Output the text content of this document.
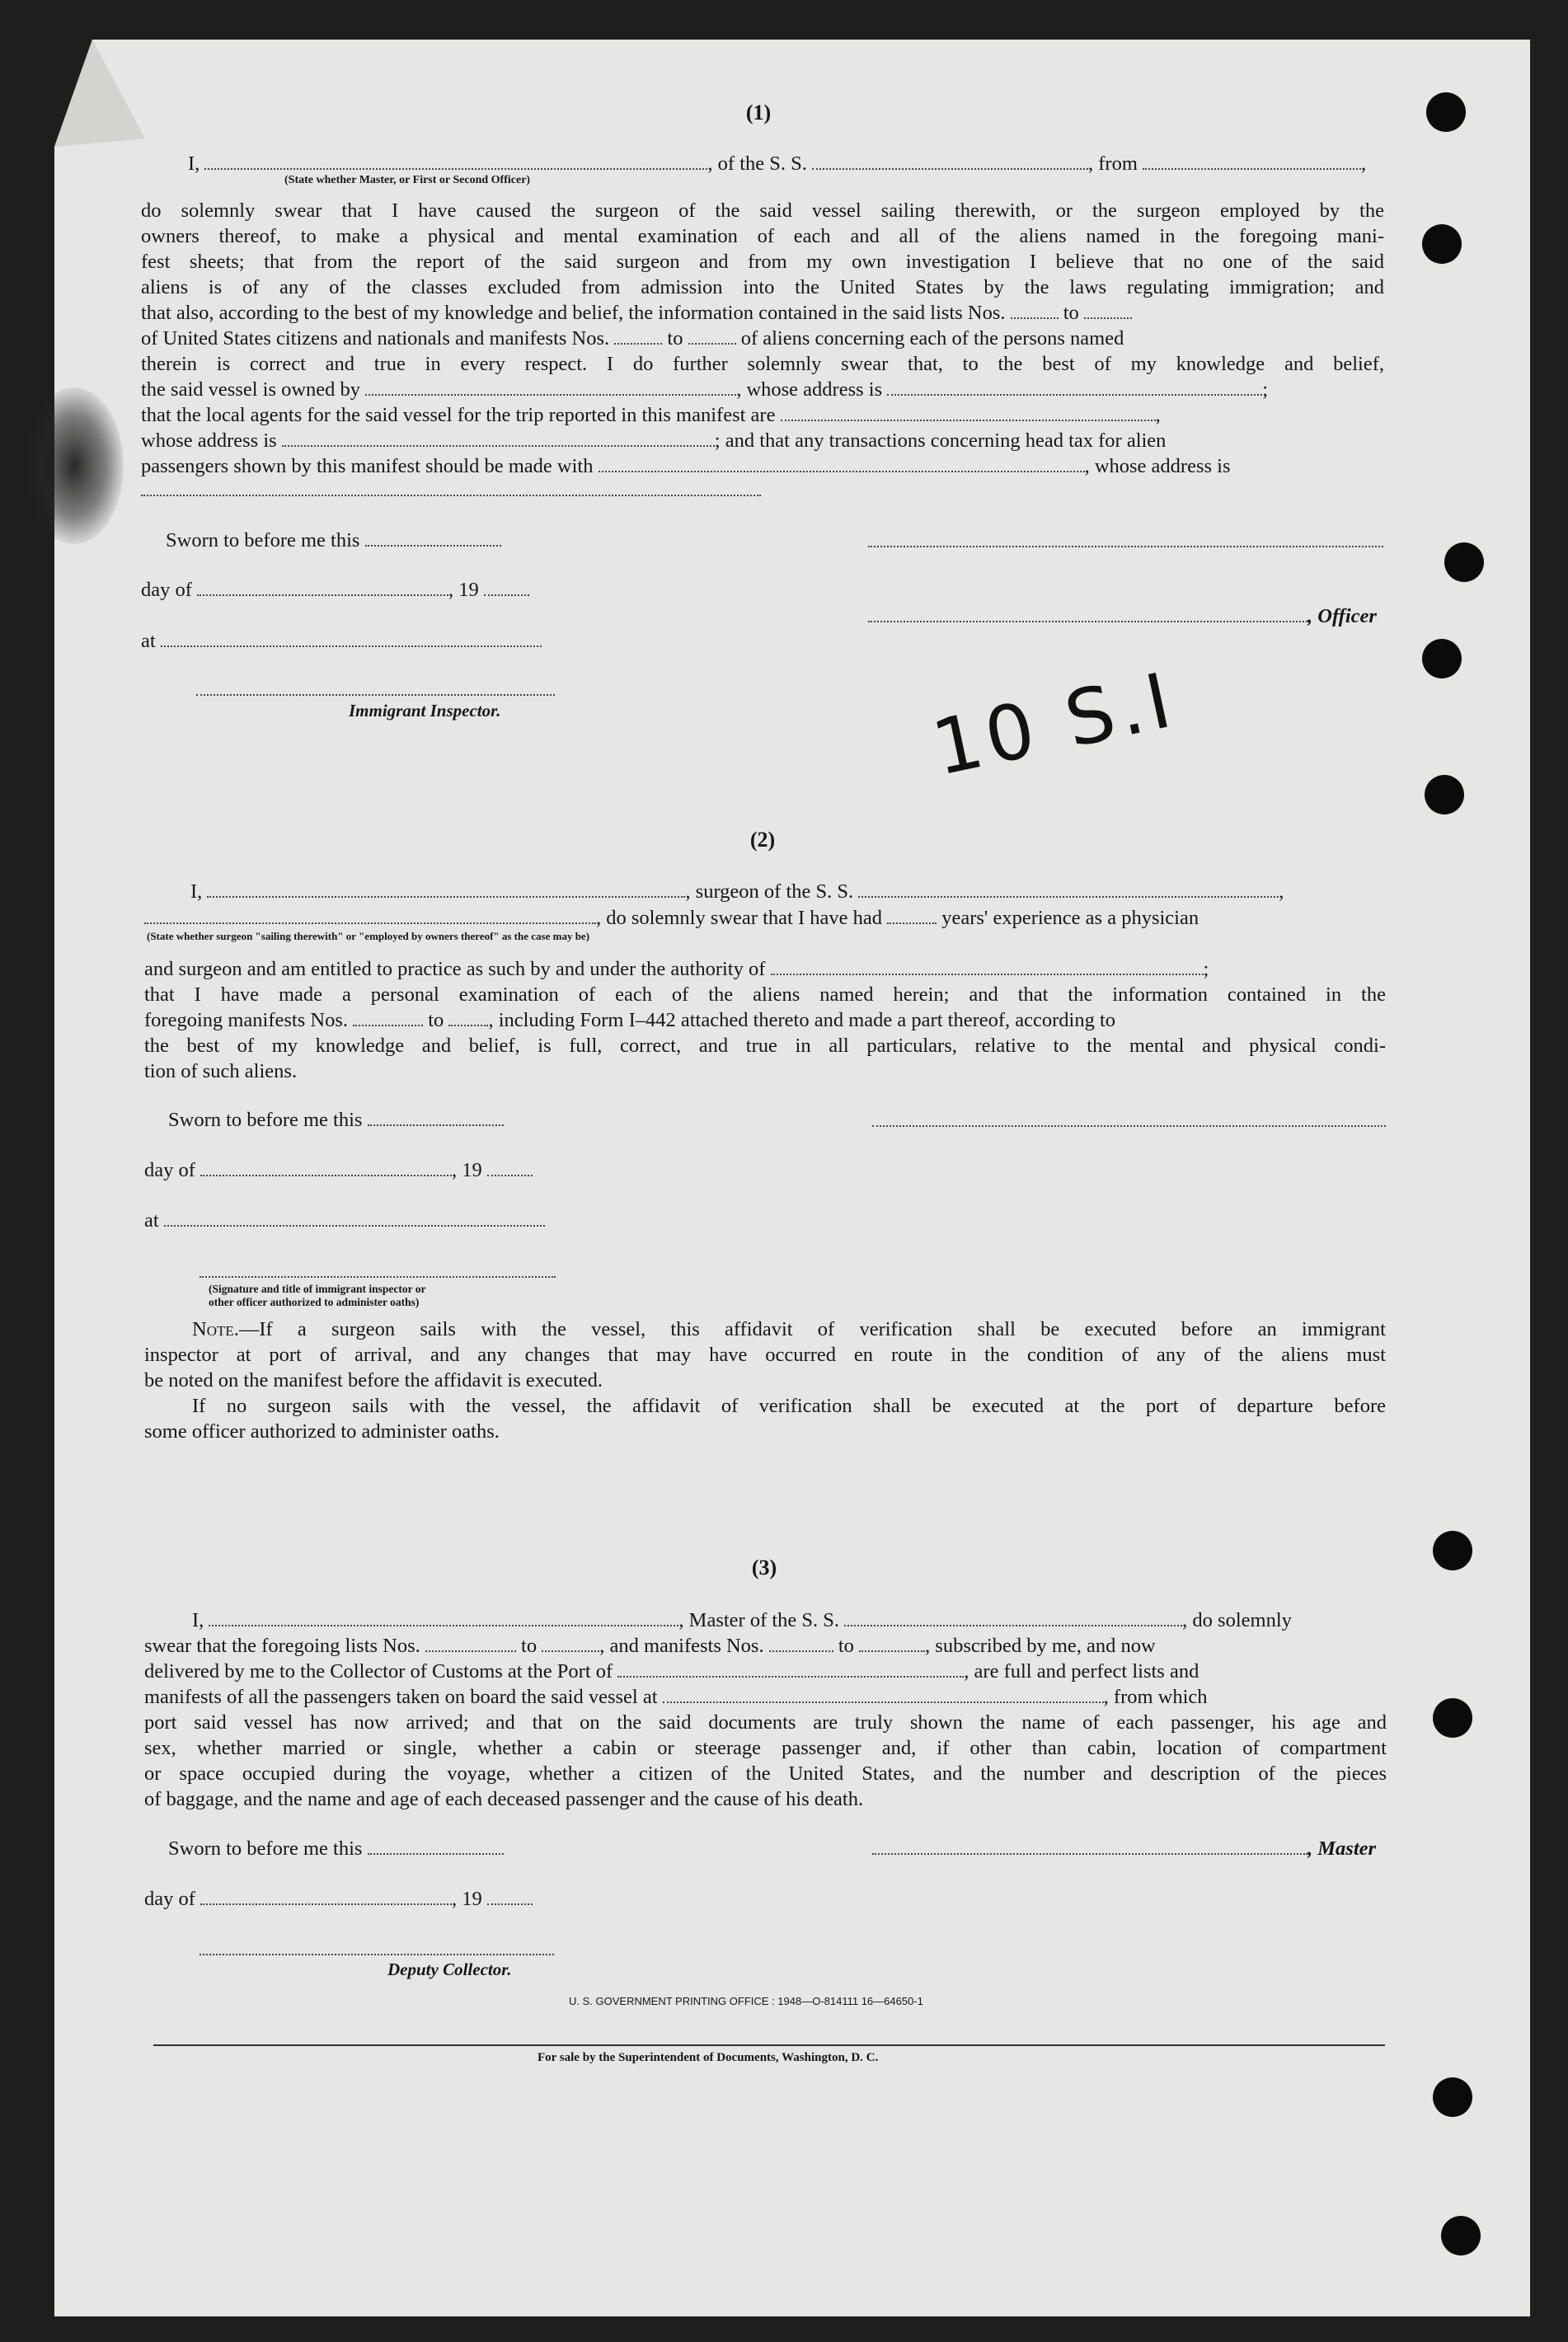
(1)
I,	, of the S. S.	, from	,
(State whether Master, or First or Second Officer)
do solemnly swear that I have caused the surgeon of the said vessel sailing therewith, or the surgeon employed by the
owners thereof, to make a physical and mental examination of each and all of the aliens named in the foregoing mani-
fest sheets; that from the report of the said surgeon and from my own investigation I believe that no one of the said
aliens is of any of the classes excluded from admission into the United States by the laws regulating immigration; and
that also, according to the best of my knowledge and belief, the information contained in the said lists Nos.	to
of United States citizens and nationals and manifests Nos.	to	of aliens concerning each of the persons named
therein is correct and true in every respect. I do further solemnly swear that, to the best of my knowledge and belief,
the said vessel is owned by	, whose address is	;
that the local agents for the said vessel for the trip reported in this manifest are	,
whose address is	; and that any transactions concerning head tax for alien
passengers shown by this manifest should be made with	, whose address is
Sworn to before me this
day of	, 19
, Officer
at
Immigrant Inspector.	10 S.I
(2)
I,	, surgeon of the S. S.	,
, do solemnly swear that I have had	years' experience as a physician
(State whether surgeon "sailing therewith" or "employed by owners thereof" as the case may be)
and surgeon and am entitled to practice as such by and under the authority of	;
that I have made a personal examination of each of the aliens named herein; and that the information contained in the
foregoing manifests Nos.	to , including Form I–442 attached thereto and made a part thereof, according to
the best of my knowledge and belief, is full, correct, and true in all particulars, relative to the mental and physical condi-
tion of such aliens.
Sworn to before me this
day of	, 19
at
(Signature and title of immigrant inspector or
other officer authorized to administer oaths)
Note.—If a surgeon sails with the vessel, this affidavit of verification shall be executed before an immigrant
inspector at port of arrival, and any changes that may have occurred en route in the condition of any of the aliens must
be noted on the manifest before the affidavit is executed.
If no surgeon sails with the vessel, the affidavit of verification shall be executed at the port of departure before
some officer authorized to administer oaths.
(3)
I,	, Master of the S. S.	, do solemnly
swear that the foregoing lists Nos.	to	, and manifests Nos.	to	, subscribed by me, and now
delivered by me to the Collector of Customs at the Port of	, are full and perfect lists and
manifests of all the passengers taken on board the said vessel at	, from which
port said vessel has now arrived; and that on the said documents are truly shown the name of each passenger, his age and
sex, whether married or single, whether a cabin or steerage passenger and, if other than cabin, location of compartment
or space occupied during the voyage, whether a citizen of the United States, and the number and description of the pieces
of baggage, and the name and age of each deceased passenger and the cause of his death.
Sworn to before me this	, Master
day of	, 19
Deputy Collector.
U. S. GOVERNMENT PRINTING OFFICE : 1948—O-814111 16—64650-1
For sale by the Superintendent of Documents, Washington, D. C.
